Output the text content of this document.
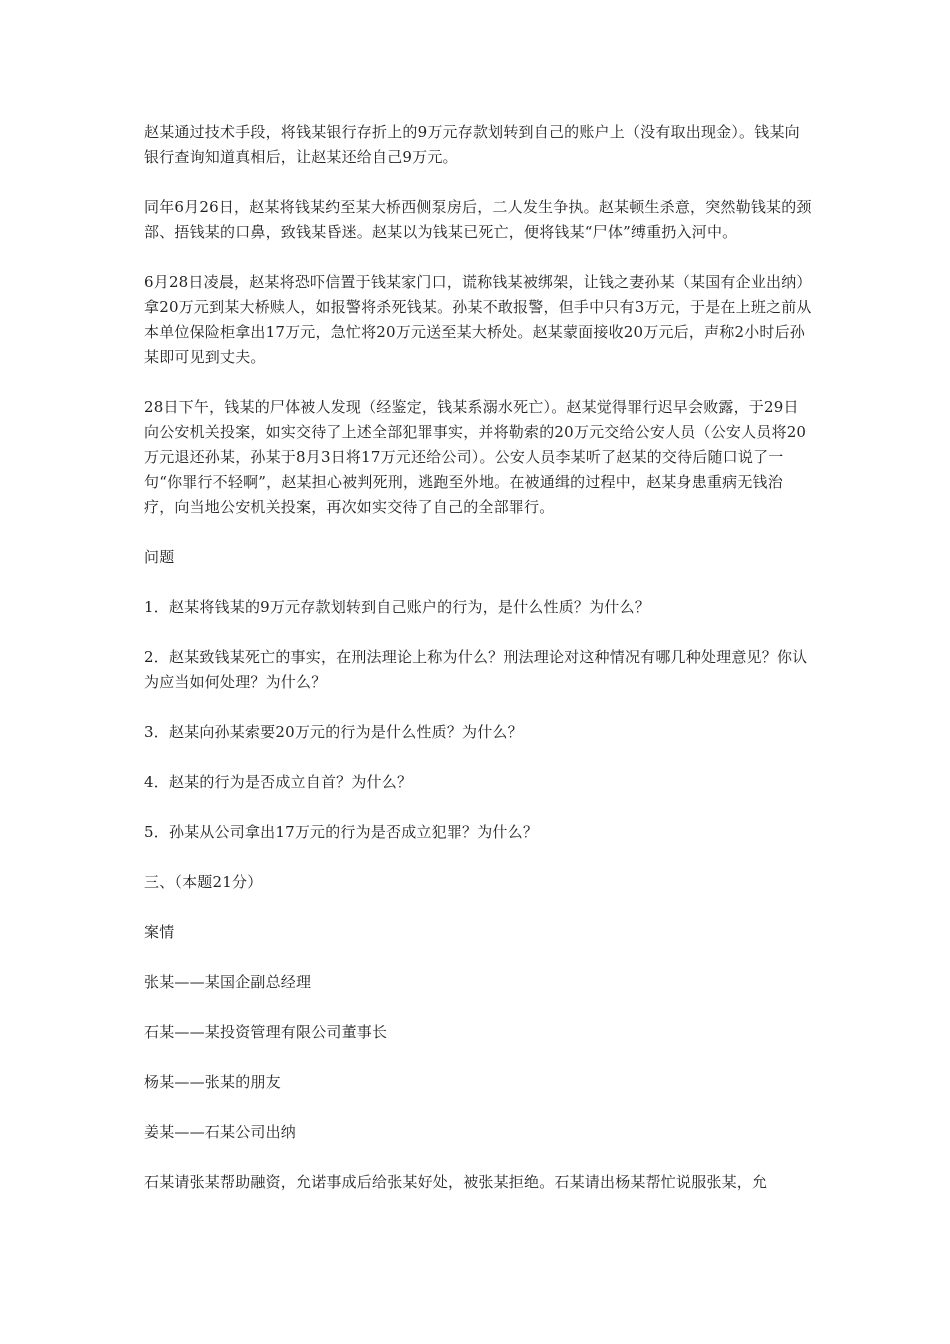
赵某通过技术手段，将钱某银行存折上的9万元存款划转到自己的账户上（没有取出现金）。钱某向银行查询知道真相后，让赵某还给自己9万元。

同年6月26日，赵某将钱某约至某大桥西侧泵房后，二人发生争执。赵某顿生杀意，突然勒钱某的颈部、捂钱某的口鼻，致钱某昏迷。赵某以为钱某已死亡，便将钱某“尸体”缚重扔入河中。

6月28日凌晨，赵某将恐吓信置于钱某家门口，谎称钱某被绑架，让钱之妻孙某（某国有企业出纳）拿20万元到某大桥赎人，如报警将杀死钱某。孙某不敢报警，但手中只有3万元，于是在上班之前从本单位保险柜拿出17万元，急忙将20万元送至某大桥处。赵某蒙面接收20万元后，声称2小时后孙某即可见到丈夫。

28日下午，钱某的尸体被人发现（经鉴定，钱某系溺水死亡）。赵某觉得罪行迟早会败露，于29日向公安机关投案，如实交待了上述全部犯罪事实，并将勒索的20万元交给公安人员（公安人员将20万元退还孙某，孙某于8月3日将17万元还给公司）。公安人员李某听了赵某的交待后随口说了一句“你罪行不轻啊”，赵某担心被判死刑，逃跑至外地。在被通缉的过程中，赵某身患重病无钱治疗，向当地公安机关投案，再次如实交待了自己的全部罪行。

问题

1．赵某将钱某的9万元存款划转到自己账户的行为，是什么性质？为什么？

2．赵某致钱某死亡的事实，在刑法理论上称为什么？刑法理论对这种情况有哪几种处理意见？你认为应当如何处理？为什么？

3．赵某向孙某索要20万元的行为是什么性质？为什么？

4．赵某的行为是否成立自首？为什么？

5．孙某从公司拿出17万元的行为是否成立犯罪？为什么？

三、（本题21分）

案情

张某——某国企副总经理

石某——某投资管理有限公司董事长

杨某——张某的朋友

姜某——石某公司出纳

石某请张某帮助融资，允诺事成后给张某好处，被张某拒绝。石某请出杨某帮忙说服张某，允
